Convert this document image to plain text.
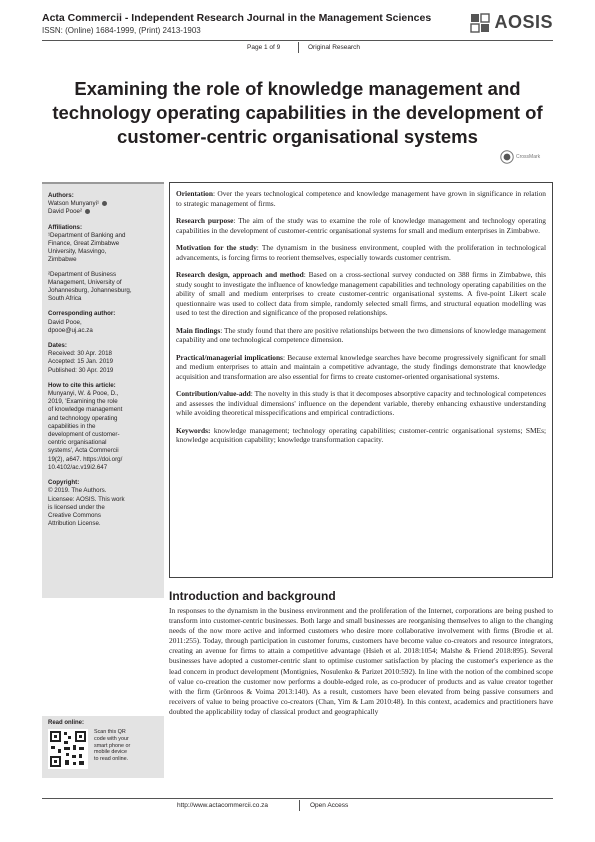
Acta Commercii - Independent Research Journal in the Management Sciences
ISSN: (Online) 1684-1999, (Print) 2413-1903	AOSIS
Page 1 of 9	Original Research
Examining the role of knowledge management and technology operating capabilities in the development of customer-centric organisational systems
CrossMark
Authors:
Watson Munyanyi¹
David Pooe²
Affiliations:
¹Department of Banking and
Finance, Great Zimbabwe
University, Masvingo,
Zimbabwe
²Department of Business
Management, University of
Johannesburg, Johannesburg,
South Africa
Corresponding author:
David Pooe,
dpooe@uj.ac.za
Dates:
Received: 30 Apr. 2018
Accepted: 15 Jan. 2019
Published: 30 Apr. 2019
How to cite this article:
Munyanyi, W. & Pooe, D.,
2019, 'Examining the role
of knowledge management
and technology operating
capabilities in the
development of customer-
centric organisational
systems', Acta Commercii
19(2), a647. https://doi.org/
10.4102/ac.v19i2.647
Copyright:
© 2019. The Authors.
Licensee: AOSIS. This work
is licensed under the
Creative Commons
Attribution License.
Read online:
Scan this QR
code with your
smart phone or
mobile device
to read online.

Orientation: Over the years technological competence and knowledge management have grown in significance in relation to strategic management of firms.

Research purpose: The aim of the study was to examine the role of knowledge management and technology operating capabilities in the development of customer-centric organisational systems for small and medium enterprises in Zimbabwe.

Motivation for the study: The dynamism in the business environment, coupled with the proliferation in technological advancements, is forcing firms to reorient themselves, especially towards customer centrism.

Research design, approach and method: Based on a cross-sectional survey conducted on 388 firms in Zimbabwe, this study sought to investigate the influence of knowledge management capabilities and technology operating capabilities on the ability of small and medium enterprises to create customer-centric organisational systems. A five-point Likert scale questionnaire was used to collect data from simple, randomly selected small firms, and structural equation modelling was used to test the direction and significance of the proposed relationships.

Main findings: The study found that there are positive relationships between the two dimensions of knowledge management capability and one technological competence dimension.

Practical/managerial implications: Because external knowledge searches have become progressively significant for small and medium enterprises to attain and maintain a competitive advantage, the study findings demonstrate that knowledge acquisition and transformation are also essential for firms to create customer-oriented organisational systems.

Contribution/value-add: The novelty in this study is that it decomposes absorptive capacity and technological competences and assesses the individual dimensions' influence on the dependent variable, thereby enhancing exhaustive understanding while avoiding theoretical misspecifications and empirical contradictions.

Keywords: knowledge management; technology operating capabilities; customer-centric organisational systems; SMEs; knowledge acquisition capability; knowledge transformation capacity.

Introduction and background

In responses to the dynamism in the business environment and the proliferation of the Internet, corporations are being pushed to transform into customer-centric businesses. Both large and small businesses are reorganising themselves to align to the changing needs of the now more active and informed customers who desire more collaborative involvement with firms (Brodie et al. 2011:255). Today, through participation in customer forums, customers have become value co-creators and resource integrators, creating an avenue for firms to attain a competitive advantage (Hsieh et al. 2018:1054; Malshe & Friend 2018:895). Several businesses have adopted a customer-centric slant to optimise customer satisfaction by placing the customer's experience as the lead concern in product development (Montignies, Nosulenko & Parizet 2010:592). In line with the notion of the combined scope of value co-creation the customer now performs a double-edged role, as co-producer of products and as value creator together with the firm (Grönroos & Voima 2013:140). As a result, customers have been elevated from being passive consumers and receivers of value to being proactive co-creators (Chan, Yim & Lam 2010:48). In this context, academics and practitioners have doubted the applicability today of classical product and geographically

http://www.actacommercii.co.za	Open Access
